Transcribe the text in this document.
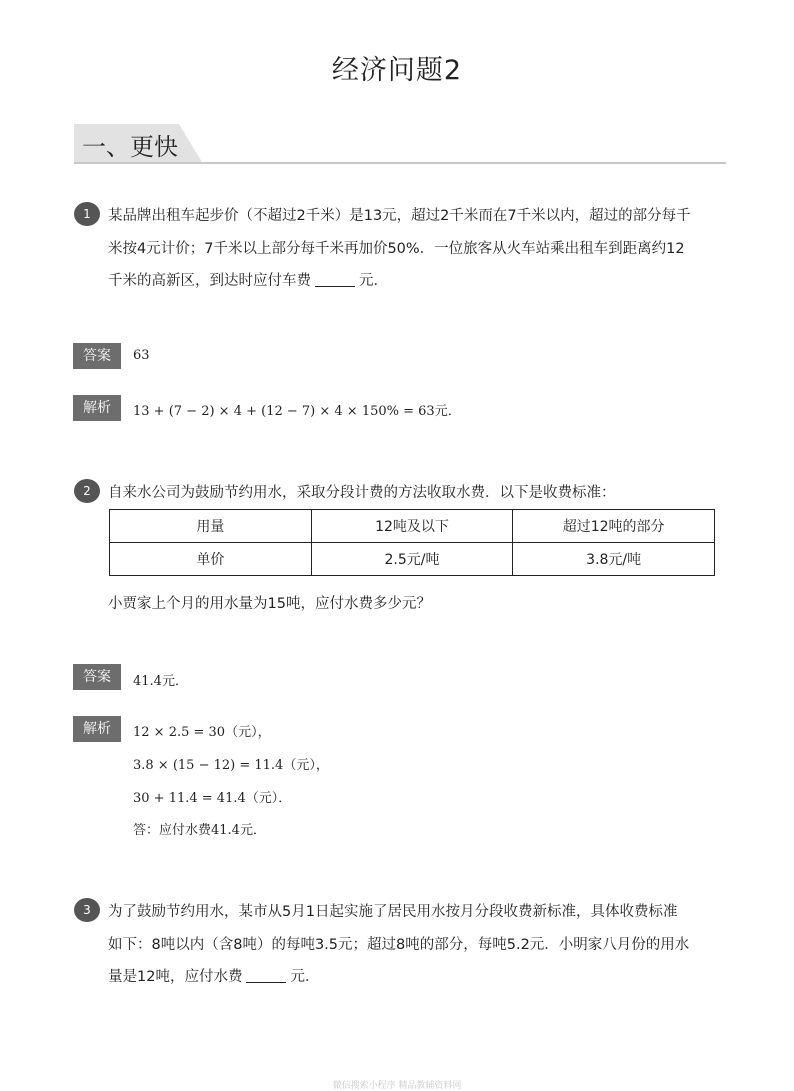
经济问题2
一、更快
1	某品牌出租车起步价（不超过2千米）是13元，超过2千米而在7千米以内，超过的部分每千
米按4元计价；7千米以上部分每千米再加价50%．一位旅客从火车站乘出租车到距离约12
千米的高新区，到达时应付车费	元．
答案	63
解析	13 + (7 − 2) × 4 + (12 − 7) × 4 × 150% = 63元．
2	自来水公司为鼓励节约用水，采取分段计费的方法收取水费．以下是收费标准：
用量	12吨及以下	超过12吨的部分
单价	2.5元/吨	3.8元/吨
小贾家上个月的用水量为15吨，应付水费多少元？
答案	41.4元．
解析	12 × 2.5 = 30（元），
3.8 × (15 − 12) = 11.4（元），
30 + 11.4 = 41.4（元）．
答：应付水费41.4元．
3	为了鼓励节约用水，某市从5月1日起实施了居民用水按月分段收费新标准，具体收费标准
如下：8吨以内（含8吨）的每吨3.5元；超过8吨的部分，每吨5.2元．小明家八月份的用水
量是12吨，应付水费	元．
微信搜索小程序 精品教辅资料网
